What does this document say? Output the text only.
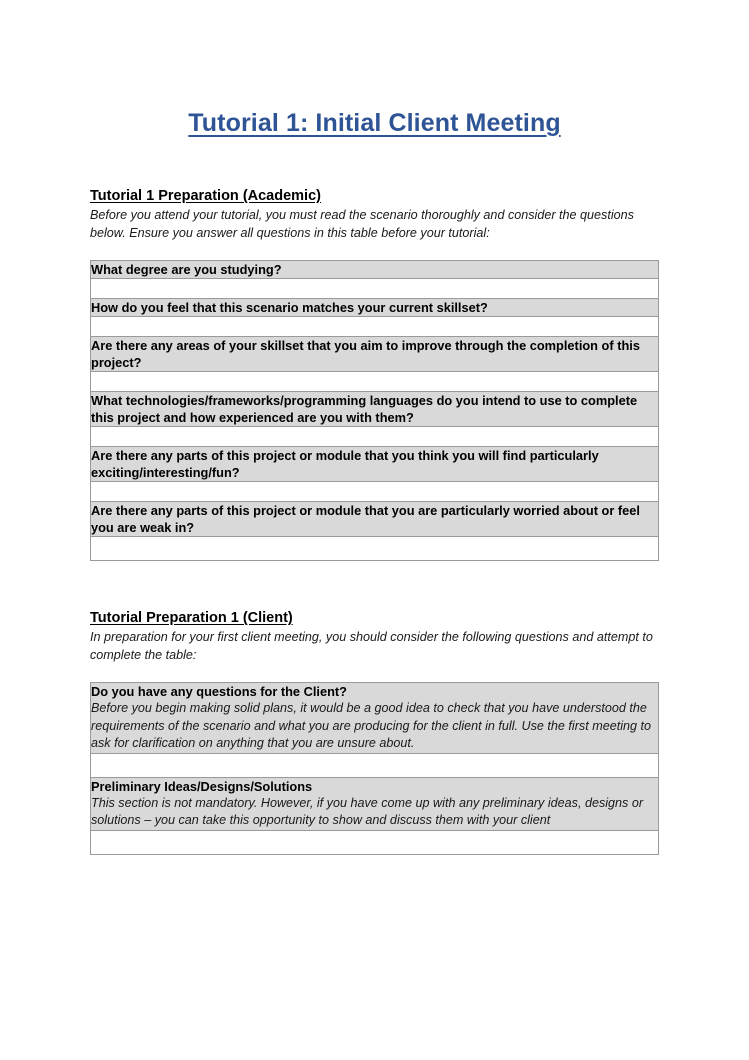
Tutorial 1: Initial Client Meeting
Tutorial 1 Preparation (Academic)

Before you attend your tutorial, you must read the scenario thoroughly and consider the questions below. Ensure you answer all questions in this table before your tutorial:

What degree are you studying?

How do you feel that this scenario matches your current skillset?

Are there any areas of your skillset that you aim to improve through the completion of this project?

What technologies/frameworks/programming languages do you intend to use to complete this project and how experienced are you with them?

Are there any parts of this project or module that you think you will find particularly exciting/interesting/fun?

Are there any parts of this project or module that you are particularly worried about or feel you are weak in?

Tutorial Preparation 1 (Client)

In preparation for your first client meeting, you should consider the following questions and attempt to complete the table:

Do you have any questions for the Client?

Before you begin making solid plans, it would be a good idea to check that you have understood the requirements of the scenario and what you are producing for the client in full. Use the first meeting to ask for clarification on anything that you are unsure about.

Preliminary Ideas/Designs/Solutions

This section is not mandatory. However, if you have come up with any preliminary ideas, designs or solutions – you can take this opportunity to show and discuss them with your client
